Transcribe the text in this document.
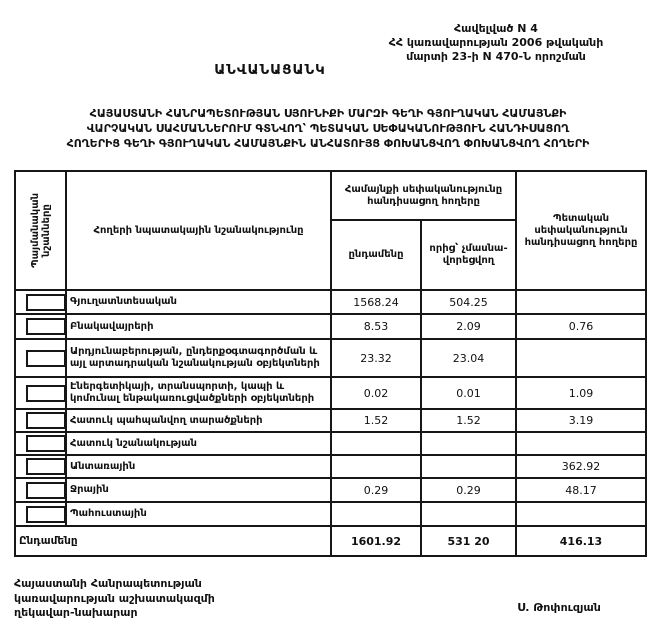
Հավելված N 4
ՀՀ կառավարության 2006 թվականի
մարտի 23-ի N 470-Ն որոշման
ԱՆՎԱՆԱՑԱՆԿ
ՀԱՅԱՍՏԱՆԻ ՀԱՆՐԱՊԵՏՈՒԹՅԱՆ ՍՅՈՒՆԻՔԻ ՄԱՐԶԻ ԳԵՂԻ ԳՅՈՒՂԱԿԱՆ ՀԱՄԱՅՆՔԻ
ՎԱՐՉԱԿԱՆ ՍԱՀՄԱՆՆԵՐՈՒՄ ԳՏՆՎՈՂ՝ ՊԵՏԱԿԱՆ ՍԵՓԱԿԱՆՈՒԹՅՈՒՆ ՀԱՆԴԻՍԱՑՈՂ
ՀՈՂԵՐԻՑ ԳԵՂԻ ԳՅՈՒՂԱԿԱՆ ՀԱՄԱՅՆՔԻՆ ԱՆՀԱՏՈՒՅՑ ՓՈԽԱՆՑՎՈՂ ՓՈԽԱՆՑՎՈՂ ՀՈՂԵՐԻ
Պայմանական նշանները	Հողերի նպատակային նշանակությունը	Համայնքի սեփականությունը հանդիսացող հողերը		Պետական սեփականություն հանդիսացող հողերը
		ընդամենը	որից՝ չմասնա-վորեցվող	
	Գյուղատնտեսական	1568.24	504.25	
	Բնակավայրերի	8.53	2.09	0.76
	Արդյունաբերության, ընդերքօգտագործման և այլ արտադրական նշանակության օբյեկտների	23.32	23.04	
	Էներգետիկայի, տրանսպորտի, կապի և կոմունալ ենթակառուցվածքների օբյեկտների	0.02	0.01	1.09
	Հատուկ պահպանվող տարածքների	1.52	1.52	3.19
	Հատուկ նշանակության			
	Անտառային			362.92
	Ջրային	0.29	0.29	48.17
	Պահուստային			
Ընդամենը		1601.92	531 20	416.13
Հայաստանի Հանրապետության
կառավարության աշխատակազմի
ղեկավար-նախարար	Ս. Թոփուզյան
